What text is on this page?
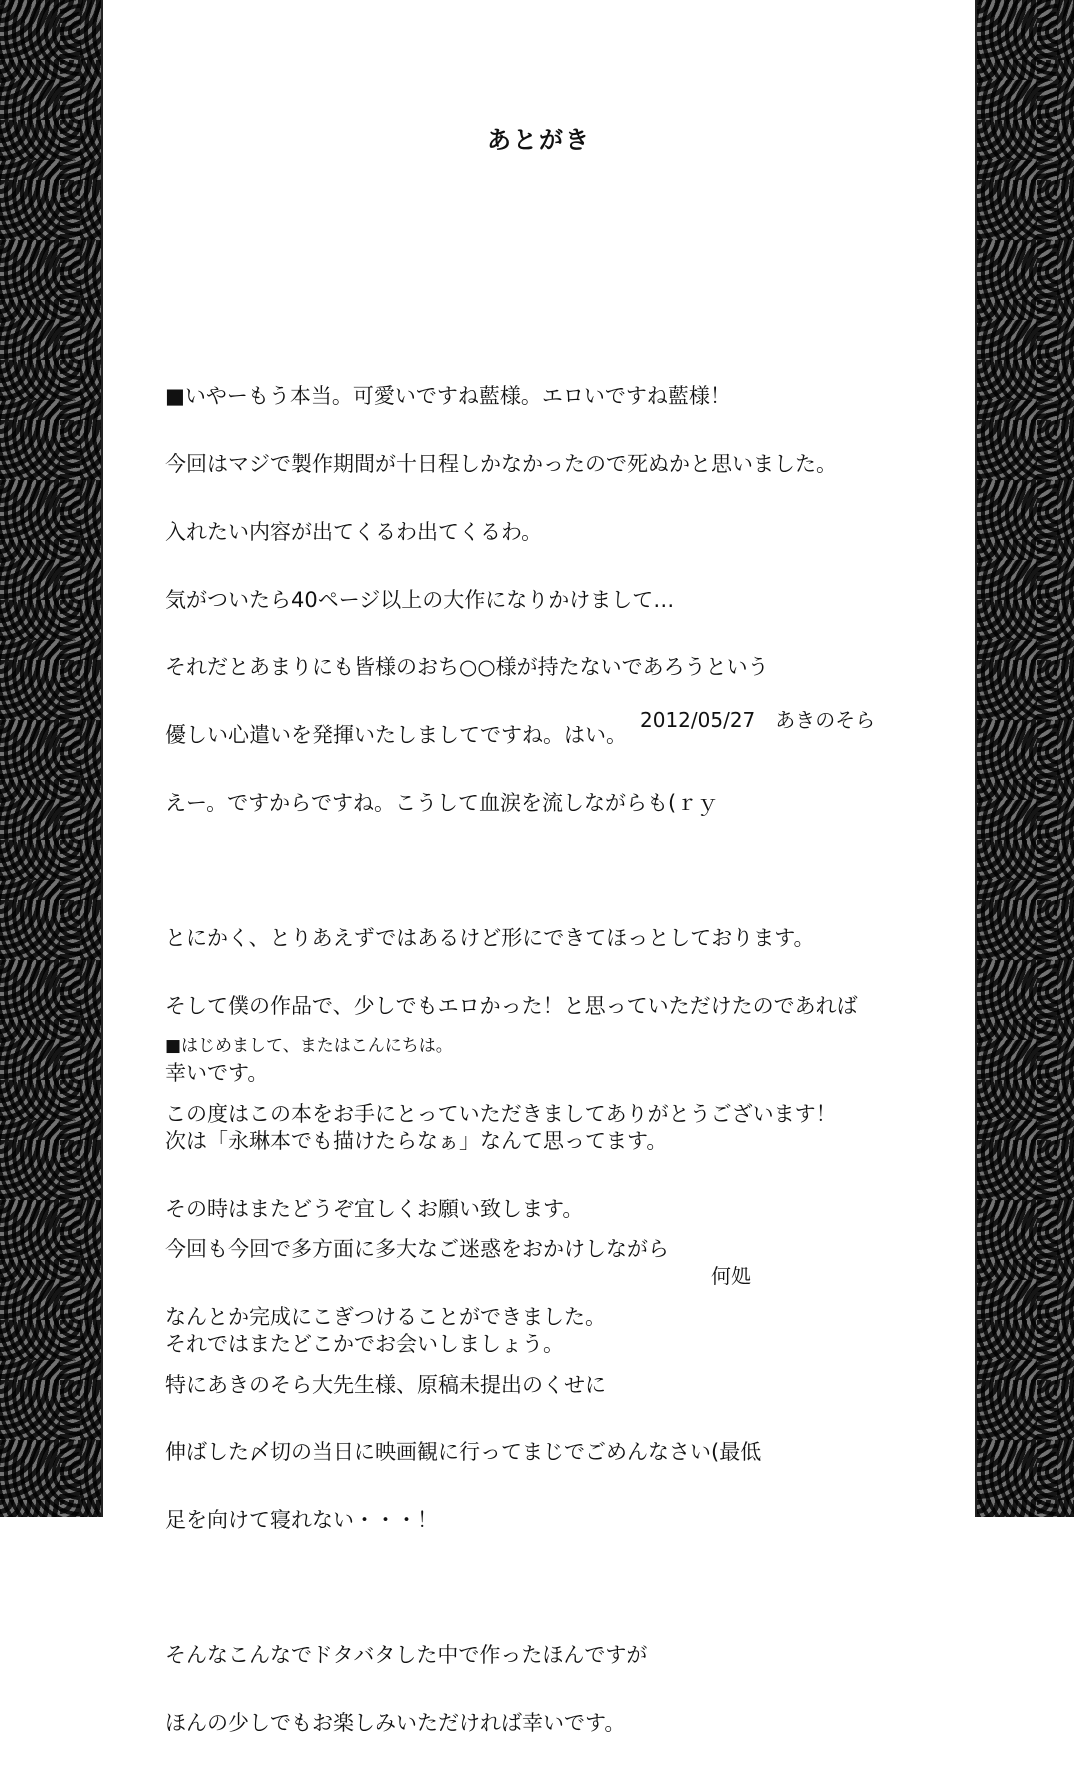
あとがき

■いやーもう本当。可愛いですね藍様。エロいですね藍様！

今回はマジで製作期間が十日程しかなかったので死ぬかと思いました。

入れたい内容が出てくるわ出てくるわ。

気がついたら40ページ以上の大作になりかけまして…

それだとあまりにも皆様のおち○○様が持たないであろうという

優しい心遣いを発揮いたしましてですね。はい。

えー。ですからですね。こうして血涙を流しながらも(ｒｙ

とにかく、とりあえずではあるけど形にできてほっとしております。

そして僕の作品で、少しでもエロかった！と思っていただけたのであれば

幸いです。

次は「永琳本でも描けたらなぁ」なんて思ってます。

その時はまたどうぞ宜しくお願い致します。

それではまたどこかでお会いしましょう。

2012/05/27　あきのそら

■はじめまして、またはこんにちは。

この度はこの本をお手にとっていただきましてありがとうございます！

今回も今回で多方面に多大なご迷惑をおかけしながら

なんとか完成にこぎつけることができました。

特にあきのそら大先生様、原稿未提出のくせに

伸ばした〆切の当日に映画観に行ってまじでごめんなさい(最低

足を向けて寝れない・・・！

そんなこんなでドタバタした中で作ったほんですが

ほんの少しでもお楽しみいただければ幸いです。

何処
